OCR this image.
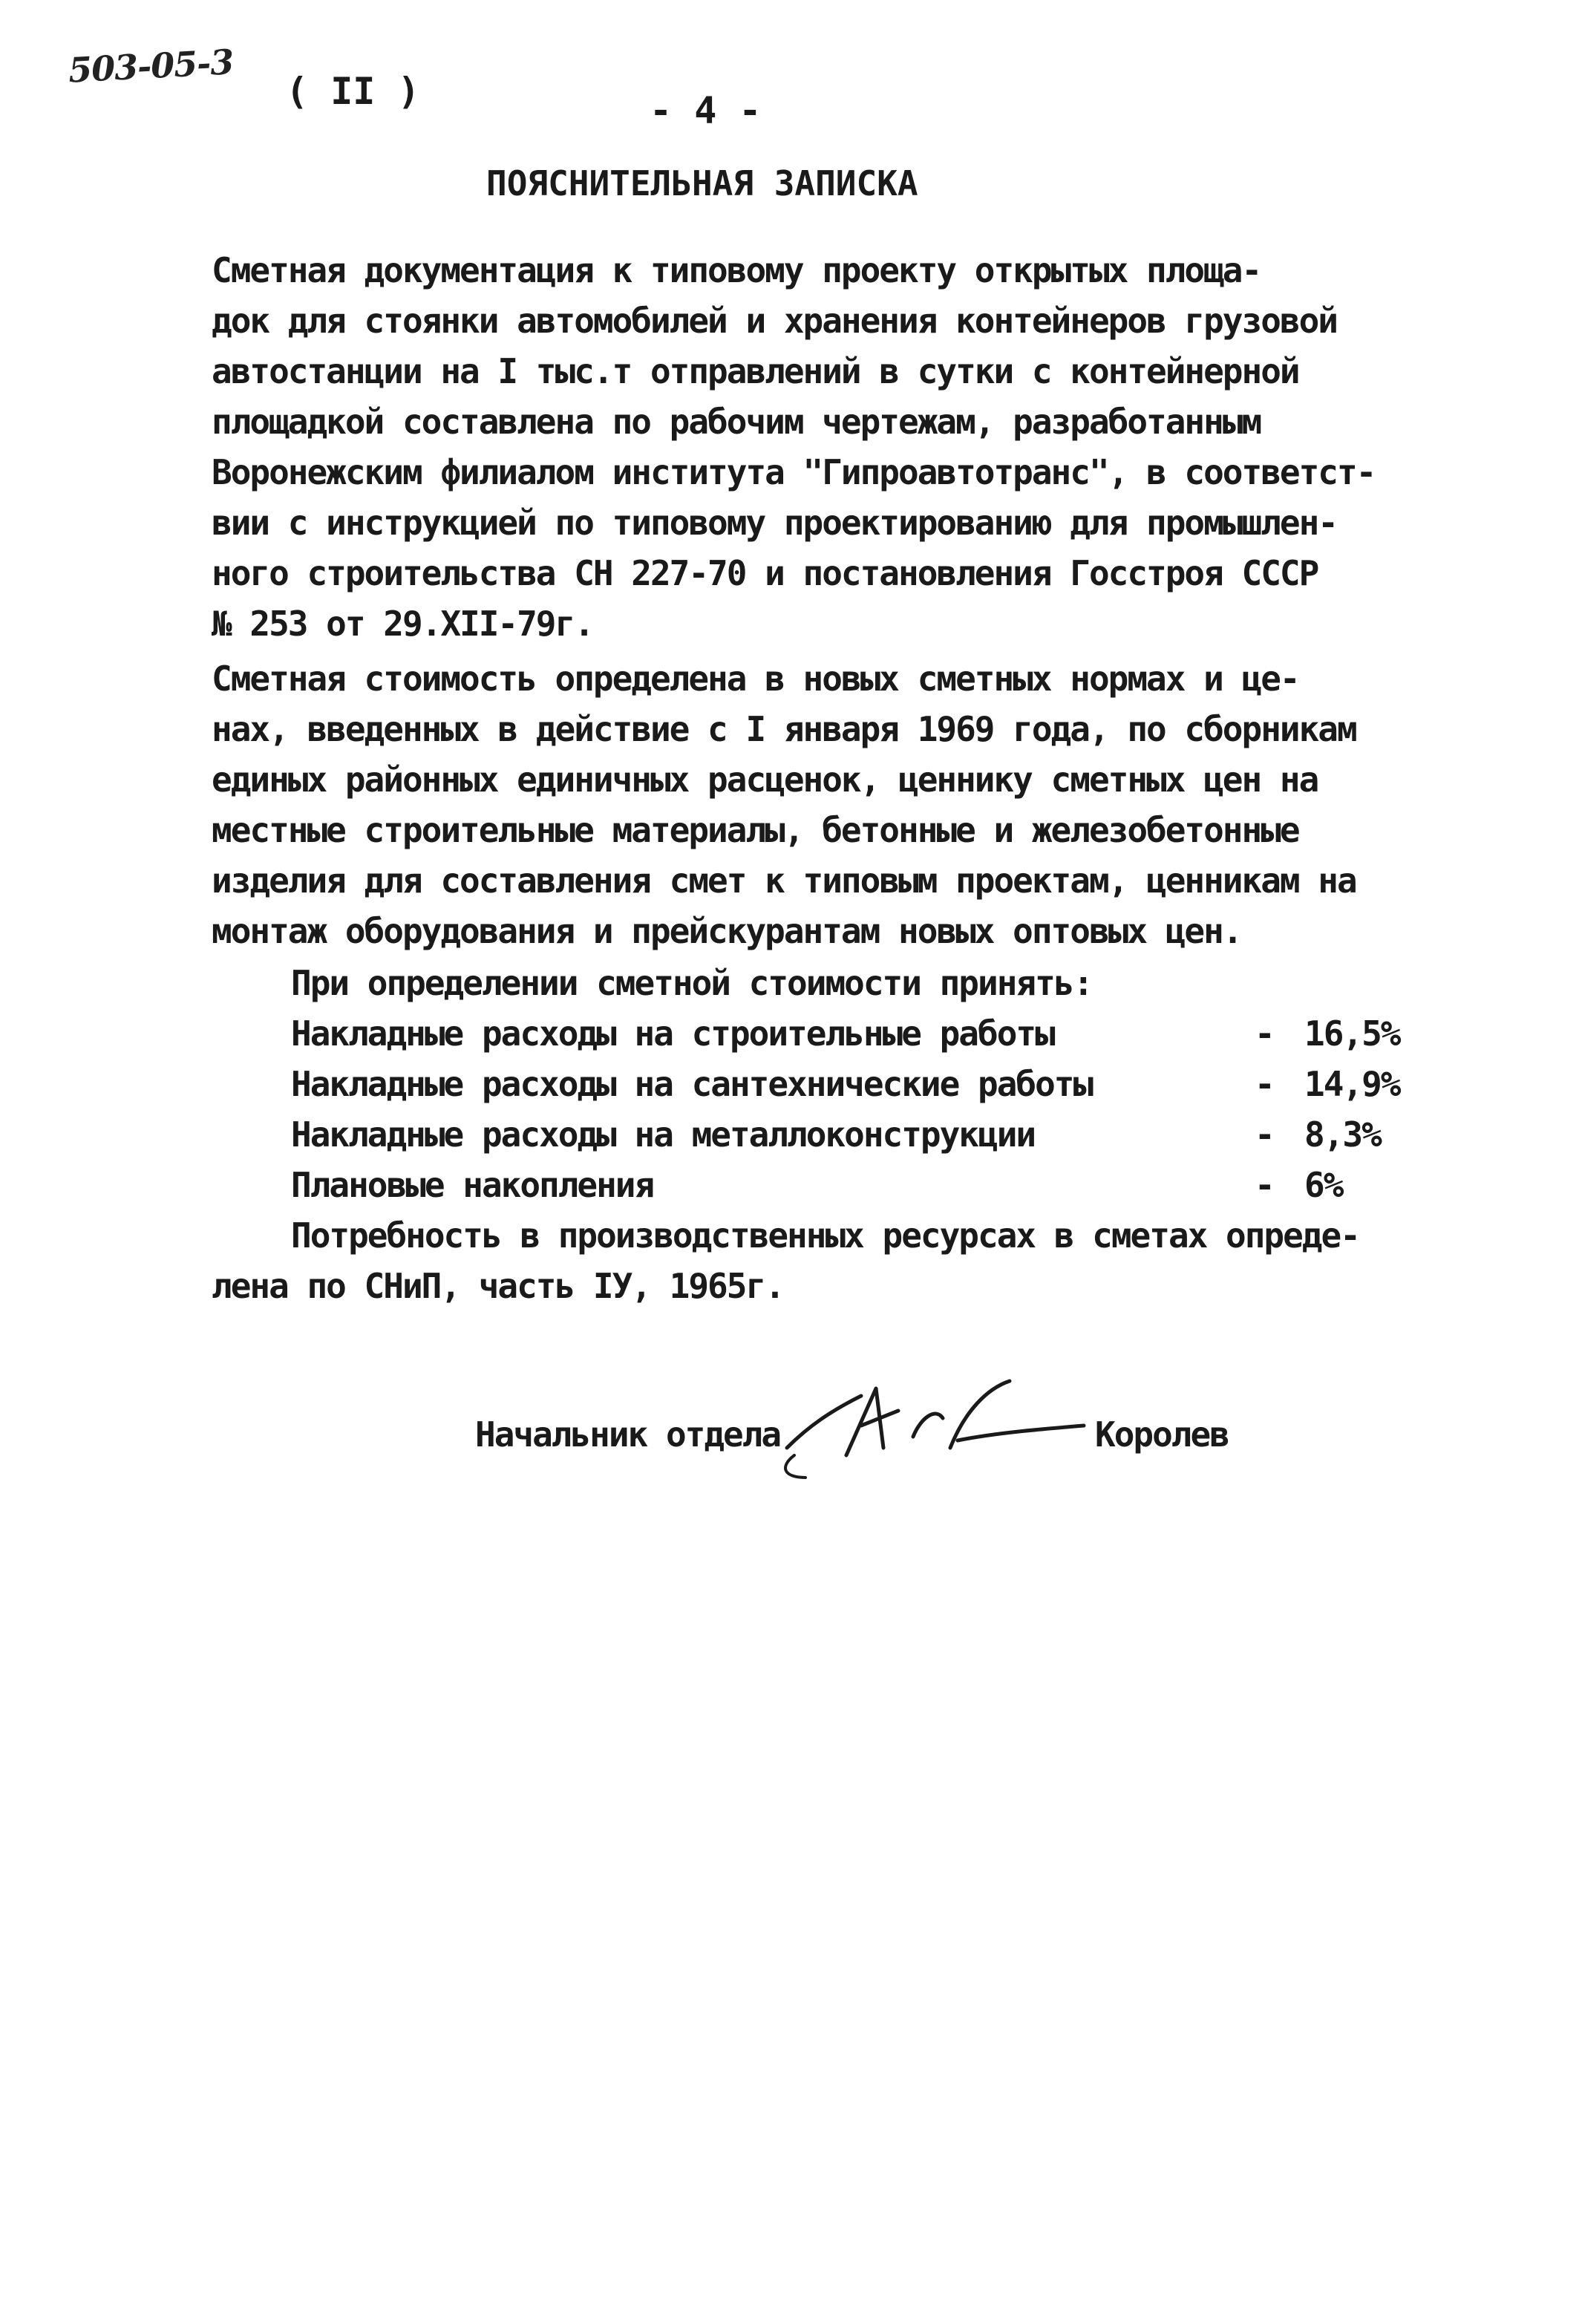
503-05-3
( II )	- 4 -
ПОЯСНИТЕЛЬНАЯ ЗАПИСКА
Сметная документация к типовому проекту открытых площа-
док для стоянки автомобилей и хранения контейнеров грузовой
автостанции на I тыс.т отправлений в сутки с контейнерной
площадкой составлена по рабочим чертежам, разработанным
Воронежским филиалом института "Гипроавтотранс", в соответст-
вии с инструкцией по типовому проектированию для промышлен-
ного строительства СН 227-70 и постановления Госстроя СССР
№ 253 от 29.XII-79г.
Сметная стоимость определена в новых сметных нормах и це-
нах, введенных в действие с I января 1969 года, по сборникам
единых районных единичных расценок, ценнику сметных цен на
местные строительные материалы, бетонные и железобетонные
изделия для составления смет к типовым проектам, ценникам на
монтаж оборудования и прейскурантам новых оптовых цен.
При определении сметной стоимости принять:
Накладные расходы на строительные работы	- 16,5%
Накладные расходы на сантехнические работы	- 14,9%
Накладные расходы на металлоконструкции	- 8,3%
Плановые накопления	- 6%
Потребность в производственных ресурсах в сметах опреде-
лена по СНиП, часть IУ, 1965г.
Начальник отдела	Королев
